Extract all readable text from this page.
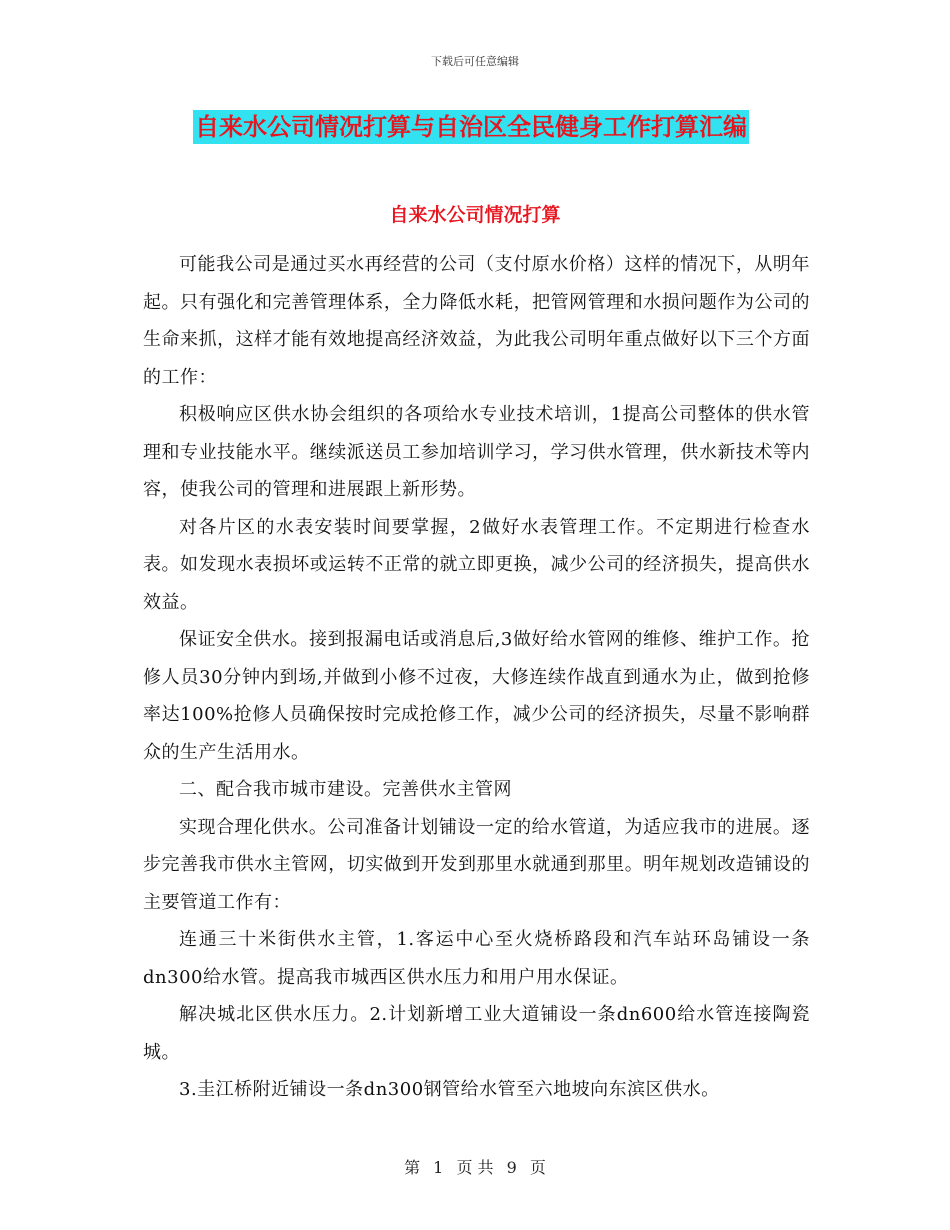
下载后可任意编辑
自来水公司情况打算与自治区全民健身工作打算汇编
自来水公司情况打算

可能我公司是通过买水再经营的公司（支付原水价格）这样的情况下，从明年起。只有强化和完善管理体系，全力降低水耗，把管网管理和水损问题作为公司的生命来抓，这样才能有效地提高经济效益，为此我公司明年重点做好以下三个方面的工作：

积极响应区供水协会组织的各项给水专业技术培训，1提高公司整体的供水管理和专业技能水平。继续派送员工参加培训学习，学习供水管理，供水新技术等内容，使我公司的管理和进展跟上新形势。

对各片区的水表安装时间要掌握，2做好水表管理工作。不定期进行检查水表。如发现水表损坏或运转不正常的就立即更换，减少公司的经济损失，提高供水效益。

保证安全供水。接到报漏电话或消息后,3做好给水管网的维修、维护工作。抢修人员30分钟内到场,并做到小修不过夜，大修连续作战直到通水为止，做到抢修率达100%抢修人员确保按时完成抢修工作，减少公司的经济损失，尽量不影响群众的生产生活用水。

二、配合我市城市建设。完善供水主管网

实现合理化供水。公司准备计划铺设一定的给水管道，为适应我市的进展。逐步完善我市供水主管网，切实做到开发到那里水就通到那里。明年规划改造铺设的主要管道工作有：

连通三十米街供水主管，1.客运中心至火烧桥路段和汽车站环岛铺设一条dn300给水管。提高我市城西区供水压力和用户用水保证。

解决城北区供水压力。2.计划新增工业大道铺设一条dn600给水管连接陶瓷城。

3.圭江桥附近铺设一条dn300钢管给水管至六地坡向东滨区供水。

第 1 页 共 9 页
